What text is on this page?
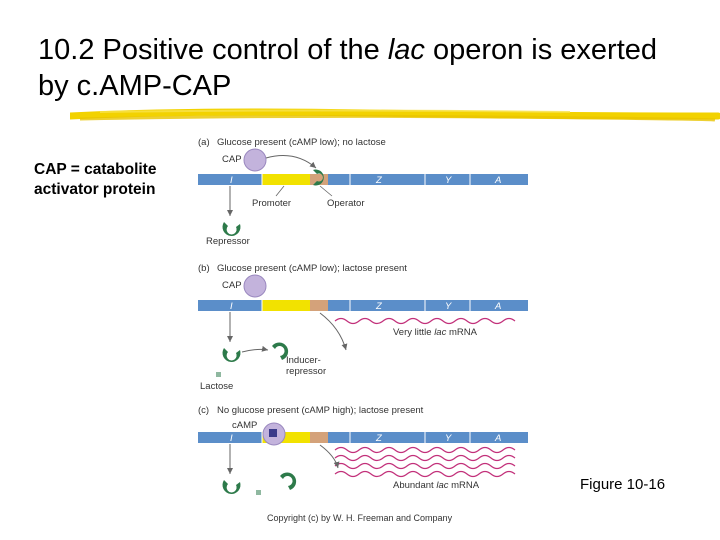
10.2 Positive control of the lac operon is exerted by c.AMP-CAP
CAP = catabolite
activator protein
(a) Glucose present (cAMP low); no lactose
CAP
I	Z	Y	A
Promoter	Operator
Repressor
(b) Glucose present (cAMP low); lactose present
CAP
I	Z	Y	A
Very little lac mRNA
Inducer-
repressor
Lactose
(c) No glucose present (cAMP high); lactose present
cAMP
I	Z	Y	A
Abundant lac mRNA	Figure 10-16
Copyright (c) by W. H. Freeman and Company
